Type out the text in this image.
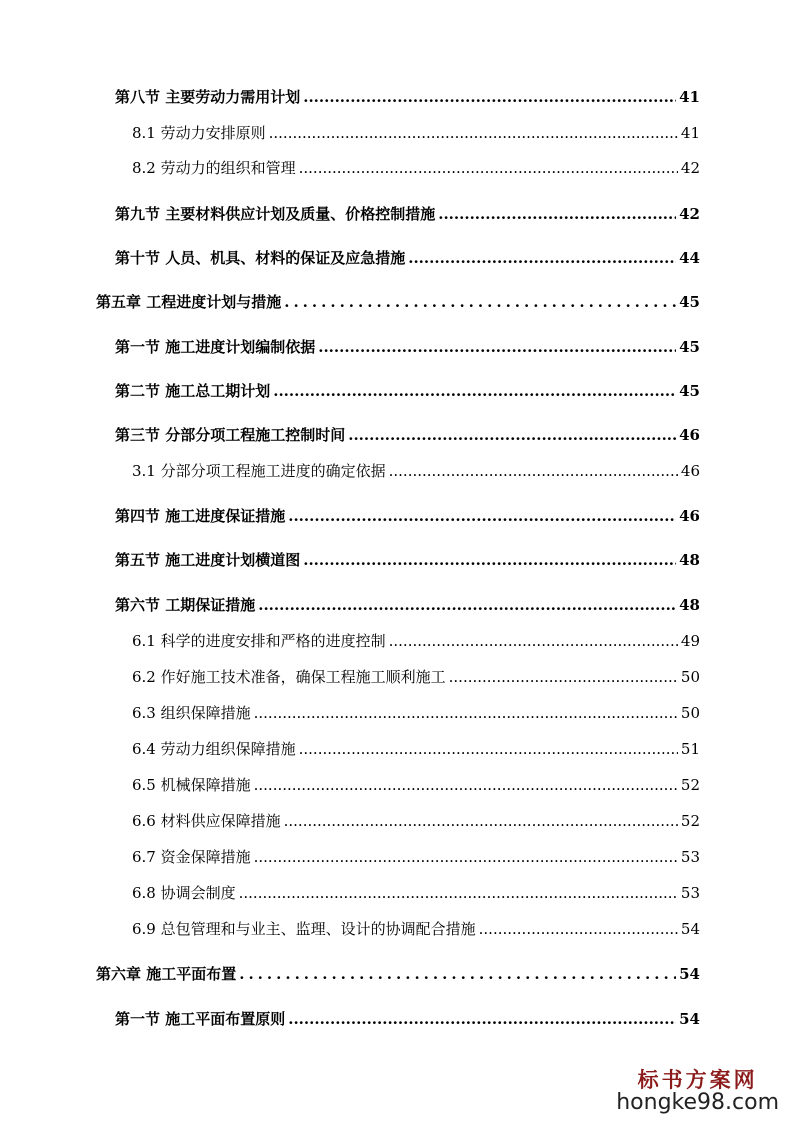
第八节 主要劳动力需用计划 .....	41
8.1 劳动力安排原则 .....	41
8.2 劳动力的组织和管理 .....	42
第九节 主要材料供应计划及质量、价格控制措施 .....	42
第十节 人员、机具、材料的保证及应急措施 .....	44
第五章 工程进度计划与措施 .....	45
第一节 施工进度计划编制依据 .....	45
第二节 施工总工期计划 .....	45
第三节 分部分项工程施工控制时间 .....	46
3.1 分部分项工程施工进度的确定依据 .....	46
第四节 施工进度保证措施 .....	46
第五节 施工进度计划横道图 .....	48
第六节 工期保证措施 .....	48
6.1 科学的进度安排和严格的进度控制 .....	49
6.2 作好施工技术准备，确保工程施工顺利施工 .....	50
6.3 组织保障措施 .....	50
6.4 劳动力组织保障措施 .....	51
6.5 机械保障措施 .....	52
6.6 材料供应保障措施 .....	52
6.7 资金保障措施 .....	53
6.8 协调会制度 .....	53
6.9 总包管理和与业主、监理、设计的协调配合措施 .....	54
第六章 施工平面布置 .....	54
第一节 施工平面布置原则 .....	54
标书方案网
hongke98.com
